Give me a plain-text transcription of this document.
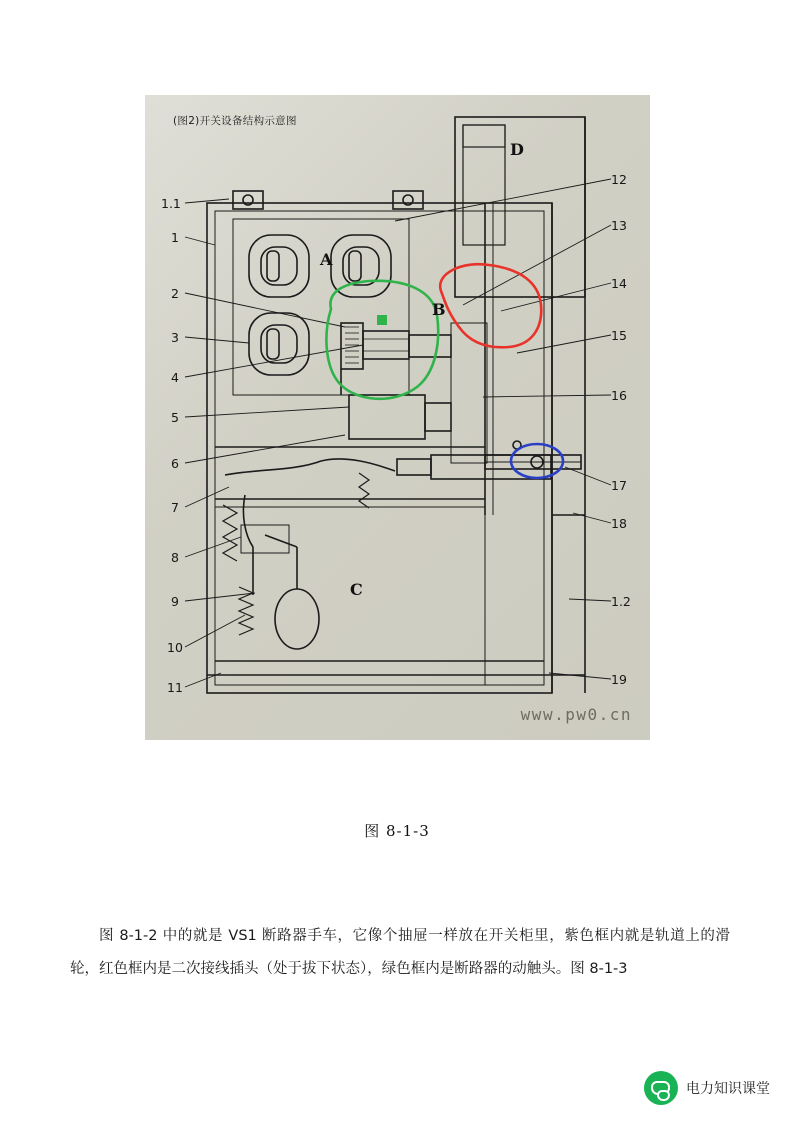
(图2)开关设备结构示意图
A
B
C
D
1.1
1
2
3
4
5
6
7
8
9
10
11
12
13
14
15
16
17
18
1.2
19
www.pw0.cn
图 8-1-3

图 8-1-2 中的就是 VS1 断路器手车，它像个抽屉一样放在开关柜里，紫色框内就是轨道上的滑轮，红色框内是二次接线插头（处于拔下状态），绿色框内是断路器的动触头。图 8-1-3

电力知识课堂
